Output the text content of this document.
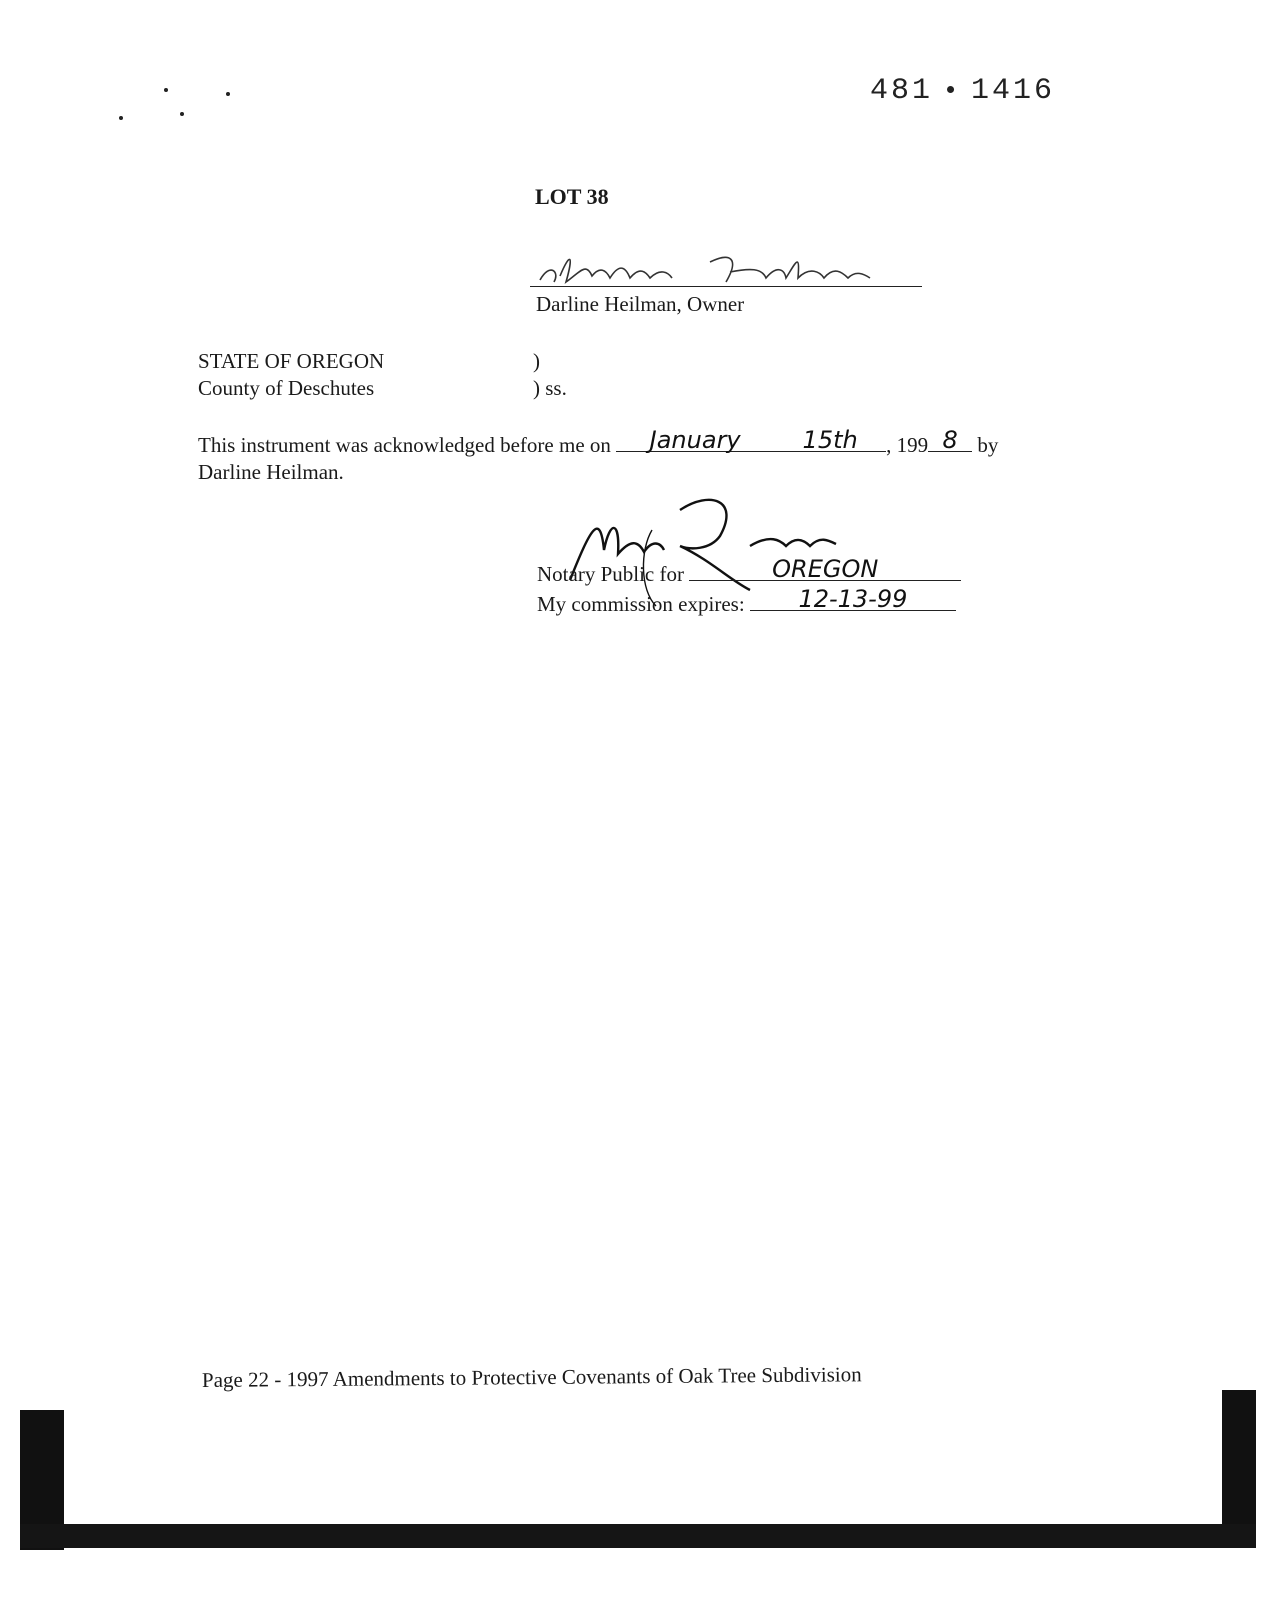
481 • 1416
LOT 38
Darline Heilman, Owner
STATE OF OREGON
County of Deschutes
)
) ss.
This instrument was acknowledged before me on January	15th , 199 8 by
Darline Heilman.
Notary Public for	OREGON
My commission expires: 12-13-99
Page 22 - 1997 Amendments to Protective Covenants of Oak Tree Subdivision
